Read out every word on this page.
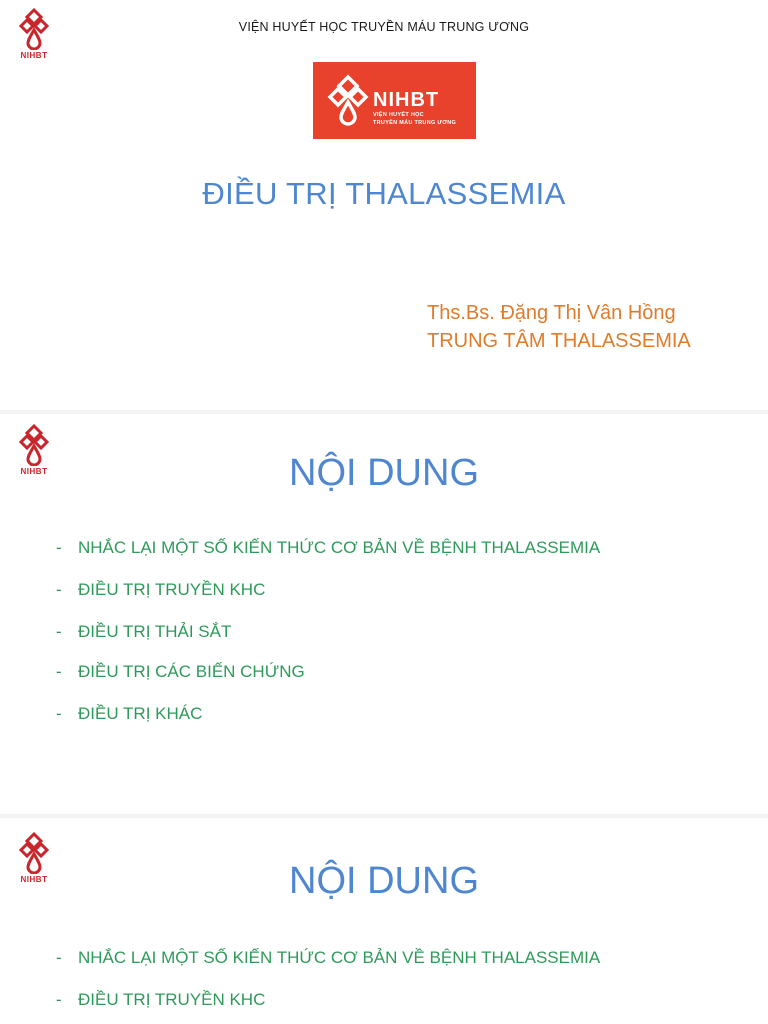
NIHBT
VIỆN HUYẾT HỌC TRUYỀN MÁU TRUNG ƯƠNG
NIHBT
VIỆN HUYẾT HỌC
TRUYỀN MÁU TRUNG ƯƠNG
ĐIỀU TRỊ THALASSEMIA
Ths.Bs. Đặng Thị Vân Hồng
TRUNG TÂM THALASSEMIA
NIHBT	NỘI DUNG
- NHẮC LẠI MỘT SỐ KIẾN THỨC CƠ BẢN VỀ BỆNH THALASSEMIA
- ĐIỀU TRỊ TRUYỀN KHC
- ĐIỀU TRỊ THẢI SẮT
- ĐIỀU TRỊ CÁC BIẾN CHỨNG
- ĐIỀU TRỊ KHÁC
NIHBT	NỘI DUNG
- NHẮC LẠI MỘT SỐ KIẾN THỨC CƠ BẢN VỀ BỆNH THALASSEMIA
- ĐIỀU TRỊ TRUYỀN KHC
